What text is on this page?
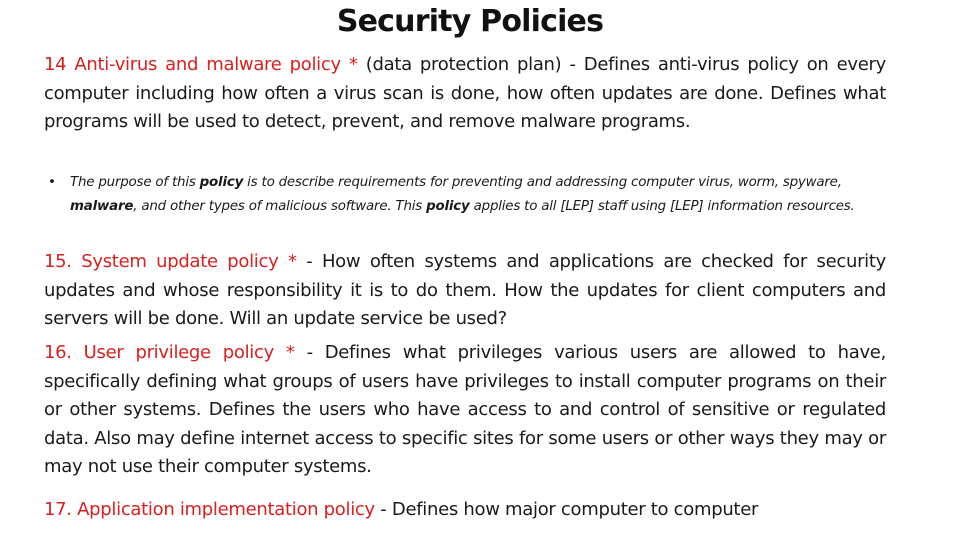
Security Policies
14 Anti-virus and malware policy * (data protection plan) - Defines anti-virus policy on every computer including how often a virus scan is done, how often updates are done. Defines what programs will be used to detect, prevent, and remove malware programs.
• The purpose of this policy is to describe requirements for preventing and addressing computer virus, worm, spyware, malware, and other types of malicious software. This policy applies to all [LEP] staff using [LEP] information resources.
15. System update policy * - How often systems and applications are checked for security updates and whose responsibility it is to do them. How the updates for client computers and servers will be done. Will an update service be used?
16. User privilege policy * - Defines what privileges various users are allowed to have, specifically defining what groups of users have privileges to install computer programs on their or other systems. Defines the users who have access to and control of sensitive or regulated data. Also may define internet access to specific sites for some users or other ways they may or may not use their computer systems.
17. Application implementation policy - Defines how major computer to computer
